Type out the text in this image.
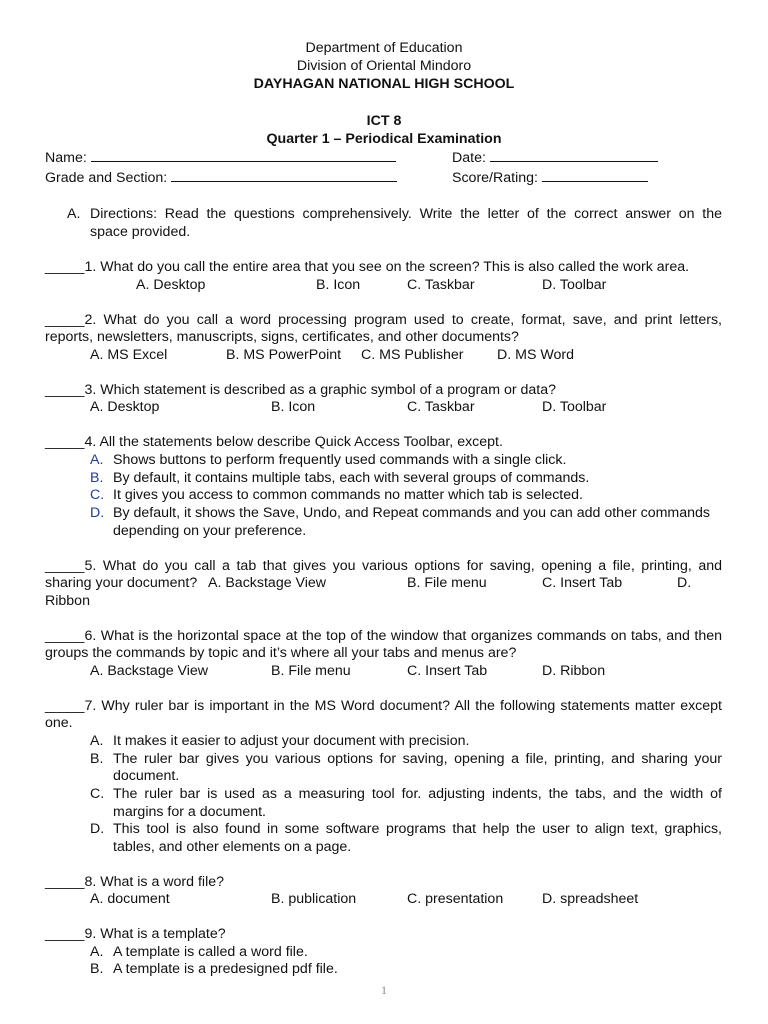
Department of Education
Division of Oriental Mindoro
DAYHAGAN NATIONAL HIGH SCHOOL
ICT 8
Quarter 1 – Periodical Examination
Name:	Date:
Grade and Section:	Score/Rating:
A. Directions: Read the questions comprehensively. Write the letter of the correct answer on the
space provided.
_____1. What do you call the entire area that you see on the screen? This is also called the work area.
A. Desktop	B. Icon	C. Taskbar	D. Toolbar
_____2. What do you call a word processing program used to create, format, save, and print letters,
reports, newsletters, manuscripts, signs, certificates, and other documents?
A. MS Excel	B. MS PowerPoint C. MS Publisher D. MS Word
_____3. Which statement is described as a graphic symbol of a program or data?
A. Desktop	B. Icon	C. Taskbar	D. Toolbar
_____4. All the statements below describe Quick Access Toolbar, except.
A. Shows buttons to perform frequently used commands with a single click.
B. By default, it contains multiple tabs, each with several groups of commands.
C. It gives you access to common commands no matter which tab is selected.
D. By default, it shows the Save, Undo, and Repeat commands and you can add other commands
depending on your preference.
_____5. What do you call a tab that gives you various options for saving, opening a file, printing, and
sharing your document? A. Backstage View	B. File menu	C. Insert Tab	D.
Ribbon
_____6. What is the horizontal space at the top of the window that organizes commands on tabs, and then
groups the commands by topic and it’s where all your tabs and menus are?
A. Backstage View	B. File menu	C. Insert Tab	D. Ribbon
_____7. Why ruler bar is important in the MS Word document? All the following statements matter except
one.
A. It makes it easier to adjust your document with precision.
B. The ruler bar gives you various options for saving, opening a file, printing, and sharing your
document.
C. The ruler bar is used as a measuring tool for. adjusting indents, the tabs, and the width of
margins for a document.
D. This tool is also found in some software programs that help the user to align text, graphics,
tables, and other elements on a page.
_____8. What is a word file?
A. document	B. publication	C. presentation	D. spreadsheet
_____9. What is a template?
A. A template is called a word file.
B. A template is a predesigned pdf file.
1
